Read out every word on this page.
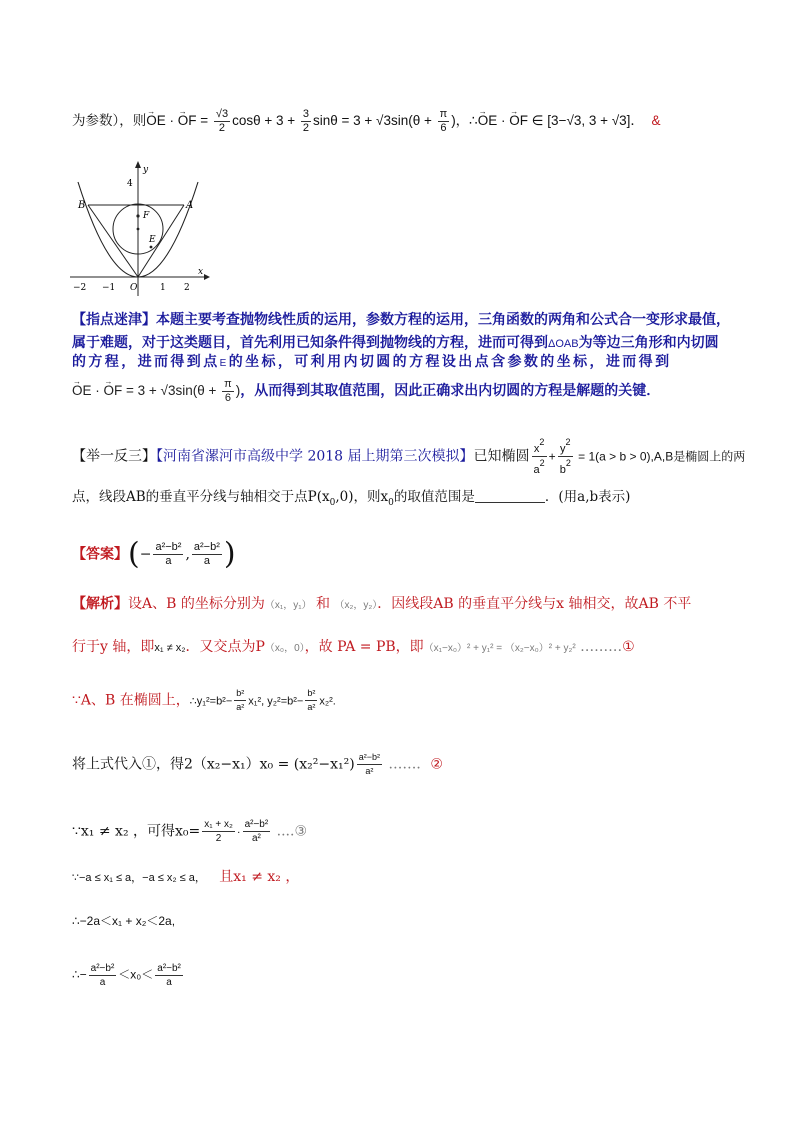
为参数），则→ OE · → OF = $\frac{√3}{2}$ $\cos\theta + 3 + \frac{3}{2}$ $\sin\theta = 3 + √3\sin(\theta + \frac{\pi}{6}$ )，∴→ OE · → OF ∈ [3−√3, 3 + √3]． &
y
x
4
B	A
F
E
−2 −1 O	1 2
【指点迷津】本题主要考查抛物线性质的运用，参数方程的运用，三角函数的两角和公式合一变形求最值，
属于难题，对于这类题目，首先利用已知条件得到抛物线的方程，进而可得到ΔOAB为等边三角形和内切圆
的方程，进而得到点E的坐标，可利用内切圆的方程设出点含参数的坐标，进而得到
→ OE · → OF = $3 + √3\sin(\theta + \frac{\pi}{6}$ )，从而得到其取值范围，因此正确求出内切圆的方程是解题的关键．
【举一反三】【河南省漯河市高级中学 2018 届上期第三次模拟】已知椭圆 $\frac{x^2}{a^2} + \frac{y^2}{b^2} = 1(a > b > 0),A,B$是椭圆上的两
点，线段AB的垂直平分线与轴相交于点$P(x_0,0)$，则$x_0$的取值范围是	．(用a,b表示)
【答案】(− $\frac{\text{a²−b²}}{a}$ , $\frac{\text{a²−b²}}{a}$ )
【解析】设A、B 的坐标分别为（x₁，y₁） 和 （x₂，y₂）．因线段AB 的垂直平分线与x 轴相交，故AB 不平
行于y 轴，即x₁ ≠ x₂．又交点为P（x₀，0），故 PA = PB，即（x₁−x₀）² + y₁² = （x₂−x₀）² + y₂² ………①
∵A、B 在椭圆上，∴y₁²=b²− $\frac{\text{b²}}{\text{a²}} x_1^2$, $y_2^2=b^2- \frac{\text{b²}}{\text{a²}} x_2^2$.
将上式代入①，得$2(x_2-x_1)x_0 = (x_2^2-x_1^2) \frac{\text{a²−b²}}{\text{a²}}$ ……．②
∵x₁ ≠ x₂ ，可得$x_0= \frac{\text{x₁ + x₂}}{2} \cdot \frac{\text{a²−b²}}{\text{a²}}$ ....③
∵−a ≤ x₁ ≤ a，−a ≤ x₂ ≤ a， 且x₁ ≠ x₂ ，
∴−2a＜x₁ + x₂＜2a,
∴− $\frac{\text{a²−b²}}{a} <x_0< \frac{\text{a²−b²}}{a}$
